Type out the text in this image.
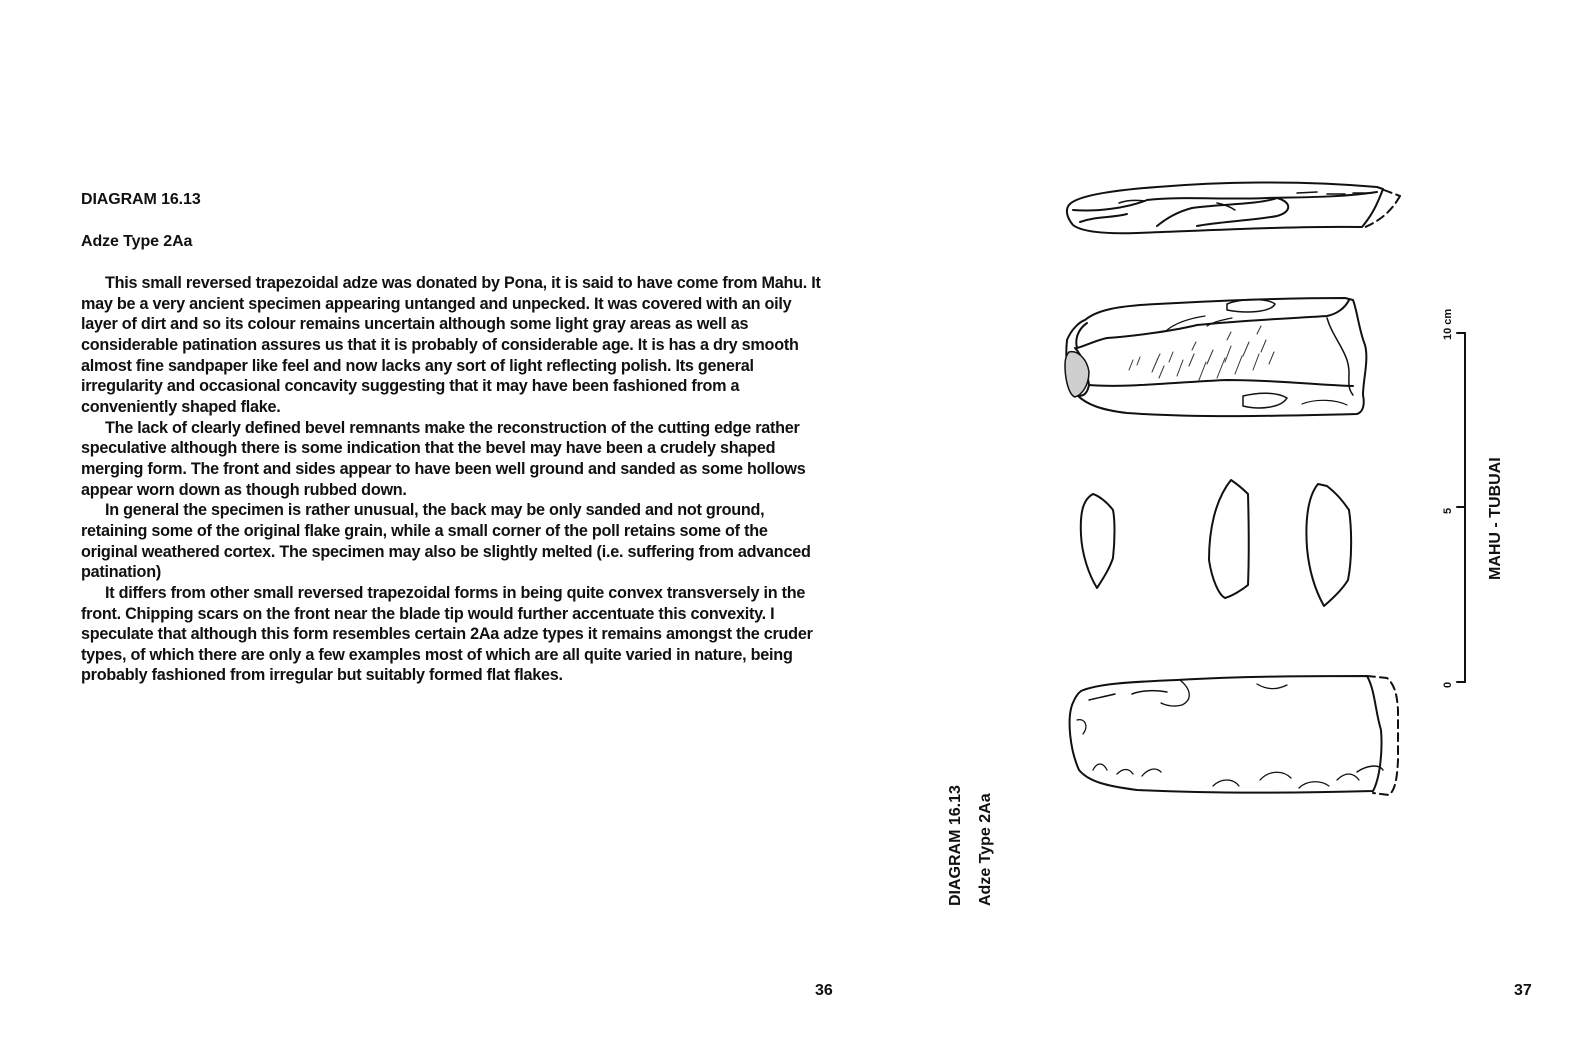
DIAGRAM 16.13
Adze Type 2Aa

This small reversed trapezoidal adze was donated by Pona, it is said to have come from Mahu. It may be a very ancient specimen appearing untanged and unpecked. It was covered with an oily layer of dirt and so its colour remains uncertain although some light gray areas as well as considerable patination assures us that it is probably of considerable age. It is has a dry smooth almost fine sandpaper like feel and now lacks any sort of light reflecting polish. Its general irregularity and occasional concavity suggesting that it may have been fashioned from a conveniently shaped flake.

The lack of clearly defined bevel remnants make the reconstruction of the cutting edge rather speculative although there is some indication that the bevel may have been a crudely shaped merging form. The front and sides appear to have been well ground and sanded as some hollows appear worn down as though rubbed down.

In general the specimen is rather unusual, the back may be only sanded and not ground, retaining some of the original flake grain, while a small corner of the poll retains some of the original weathered cortex. The specimen may also be slightly melted (i.e. suffering from advanced patination)

It differs from other small reversed trapezoidal forms in being quite convex transversely in the front. Chipping scars on the front near the blade tip would further accentuate this convexity. I speculate that although this form resembles certain 2Aa adze types it remains amongst the cruder types, of which there are only a few examples most of which are all quite varied in nature, being probably fashioned from irregular but suitably formed flat flakes.

36
DIAGRAM 16.13 Adze Type 2Aa
MAHU - TUBUAI
0
5
10 cm
37
